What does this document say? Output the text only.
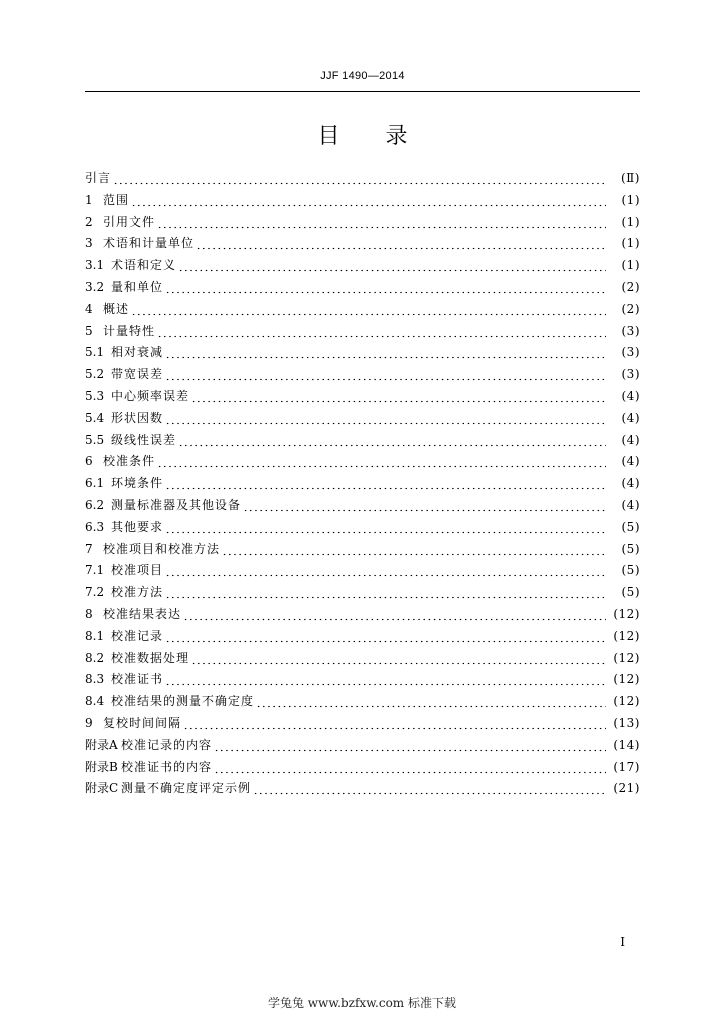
JJF 1490—2014
目录
引言	(Ⅱ)
1 范围	(1)
2 引用文件	(1)
3 术语和计量单位	(1)
3.1 术语和定义	(1)
3.2 量和单位	(2)
4 概述	(2)
5 计量特性	(3)
5.1 相对衰减	(3)
5.2 带宽误差	(3)
5.3 中心频率误差	(4)
5.4 形状因数	(4)
5.5 级线性误差	(4)
6 校准条件	(4)
6.1 环境条件	(4)
6.2 测量标准器及其他设备	(4)
6.3 其他要求	(5)
7 校准项目和校准方法	(5)
7.1 校准项目	(5)
7.2 校准方法	(5)
8 校准结果表达	(12)
8.1 校准记录	(12)
8.2 校准数据处理	(12)
8.3 校准证书	(12)
8.4 校准结果的测量不确定度	(12)
9 复校时间间隔	(13)
附录A 校准记录的内容	(14)
附录B 校准证书的内容	(17)
附录C 测量不确定度评定示例	(21)
I
学兔兔 www.bzfxw.com 标准下载
